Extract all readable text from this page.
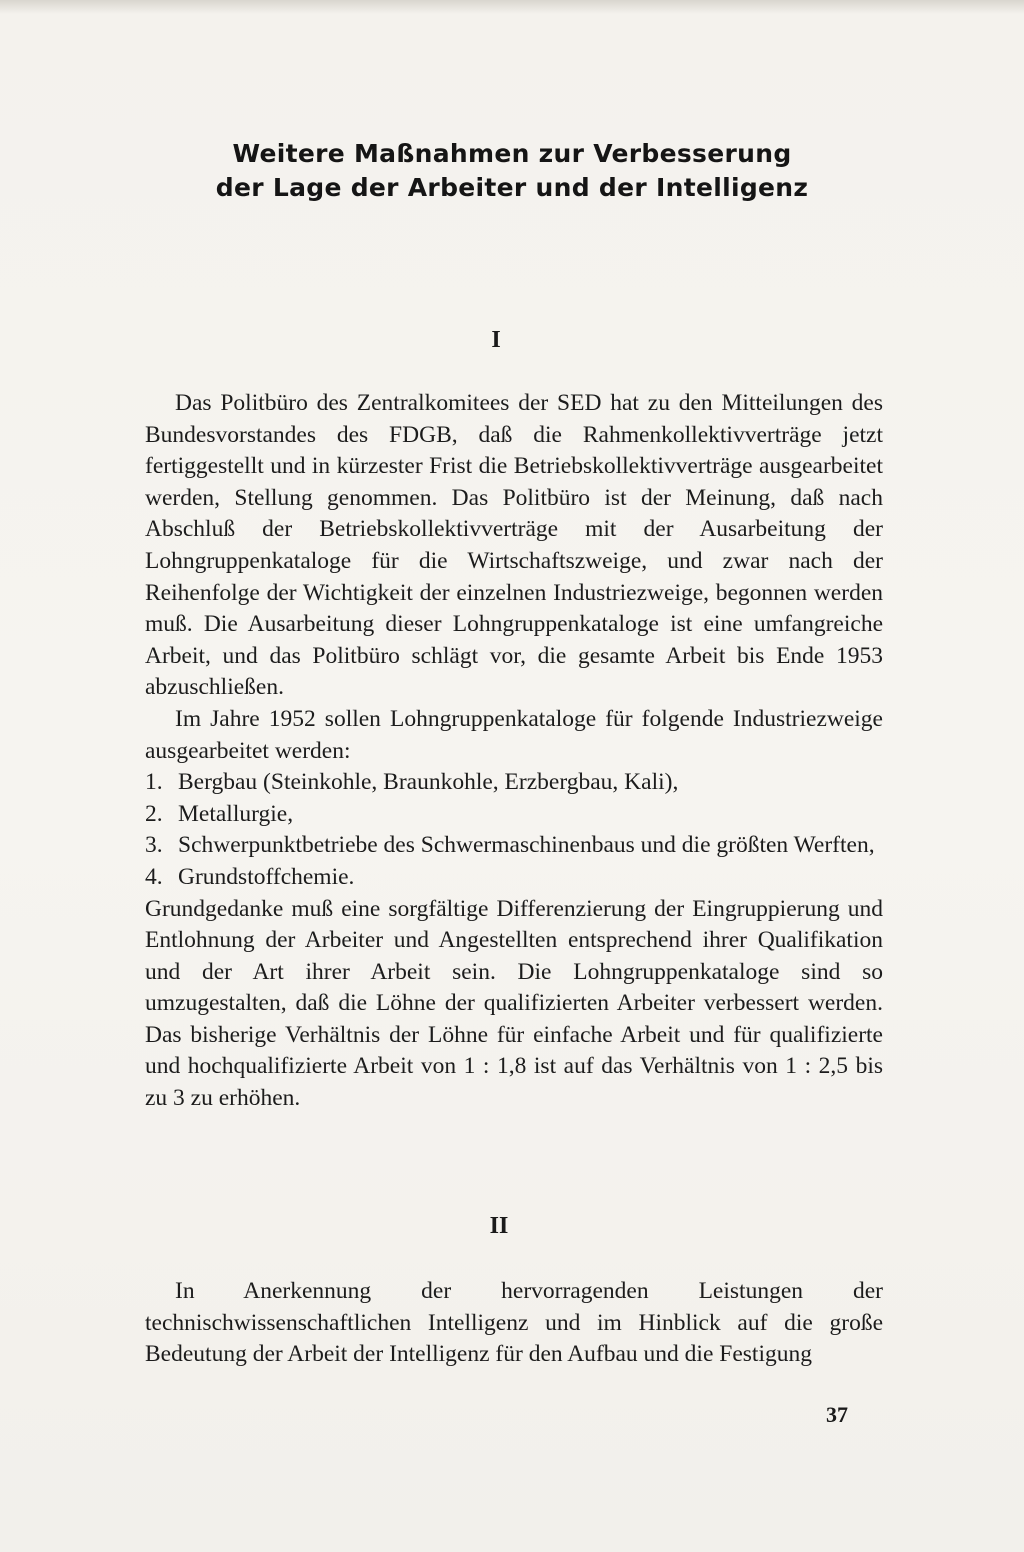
Weitere Maßnahmen zur Verbesserung
der Lage der Arbeiter und der Intelligenz
I

Das Politbüro des Zentralkomitees der SED hat zu den Mitteilungen des Bundesvorstandes des FDGB, daß die Rahmenkollektivverträge jetzt fertiggestellt und in kürzester Frist die Betriebskollektivverträge ausgearbeitet werden, Stellung genommen. Das Politbüro ist der Meinung, daß nach Abschluß der Betriebskollektivverträge mit der Ausarbeitung der Lohngruppenkataloge für die Wirtschaftszweige, und zwar nach der Reihenfolge der Wichtigkeit der einzelnen Industriezweige, begonnen werden muß. Die Ausarbeitung dieser Lohngruppenkataloge ist eine umfangreiche Arbeit, und das Politbüro schlägt vor, die gesamte Arbeit bis Ende 1953 abzuschließen.

Im Jahre 1952 sollen Lohngruppenkataloge für folgende Industriezweige ausgearbeitet werden:

1. Bergbau (Steinkohle, Braunkohle, Erzbergbau, Kali),
2. Metallurgie,
3. Schwerpunktbetriebe des Schwermaschinenbaus und die größten Werften,
4. Grundstoffchemie.

Grundgedanke muß eine sorgfältige Differenzierung der Eingruppierung und Entlohnung der Arbeiter und Angestellten entsprechend ihrer Qualifikation und der Art ihrer Arbeit sein. Die Lohngruppenkataloge sind so umzugestalten, daß die Löhne der qualifizierten Arbeiter verbessert werden. Das bisherige Verhältnis der Löhne für einfache Arbeit und für qualifizierte und hochqualifizierte Arbeit von 1 : 1,8 ist auf das Verhältnis von 1 : 2,5 bis zu 3 zu erhöhen.

II

In Anerkennung der hervorragenden Leistungen der technischwissenschaftlichen Intelligenz und im Hinblick auf die große Bedeutung der Arbeit der Intelligenz für den Aufbau und die Festigung

37
